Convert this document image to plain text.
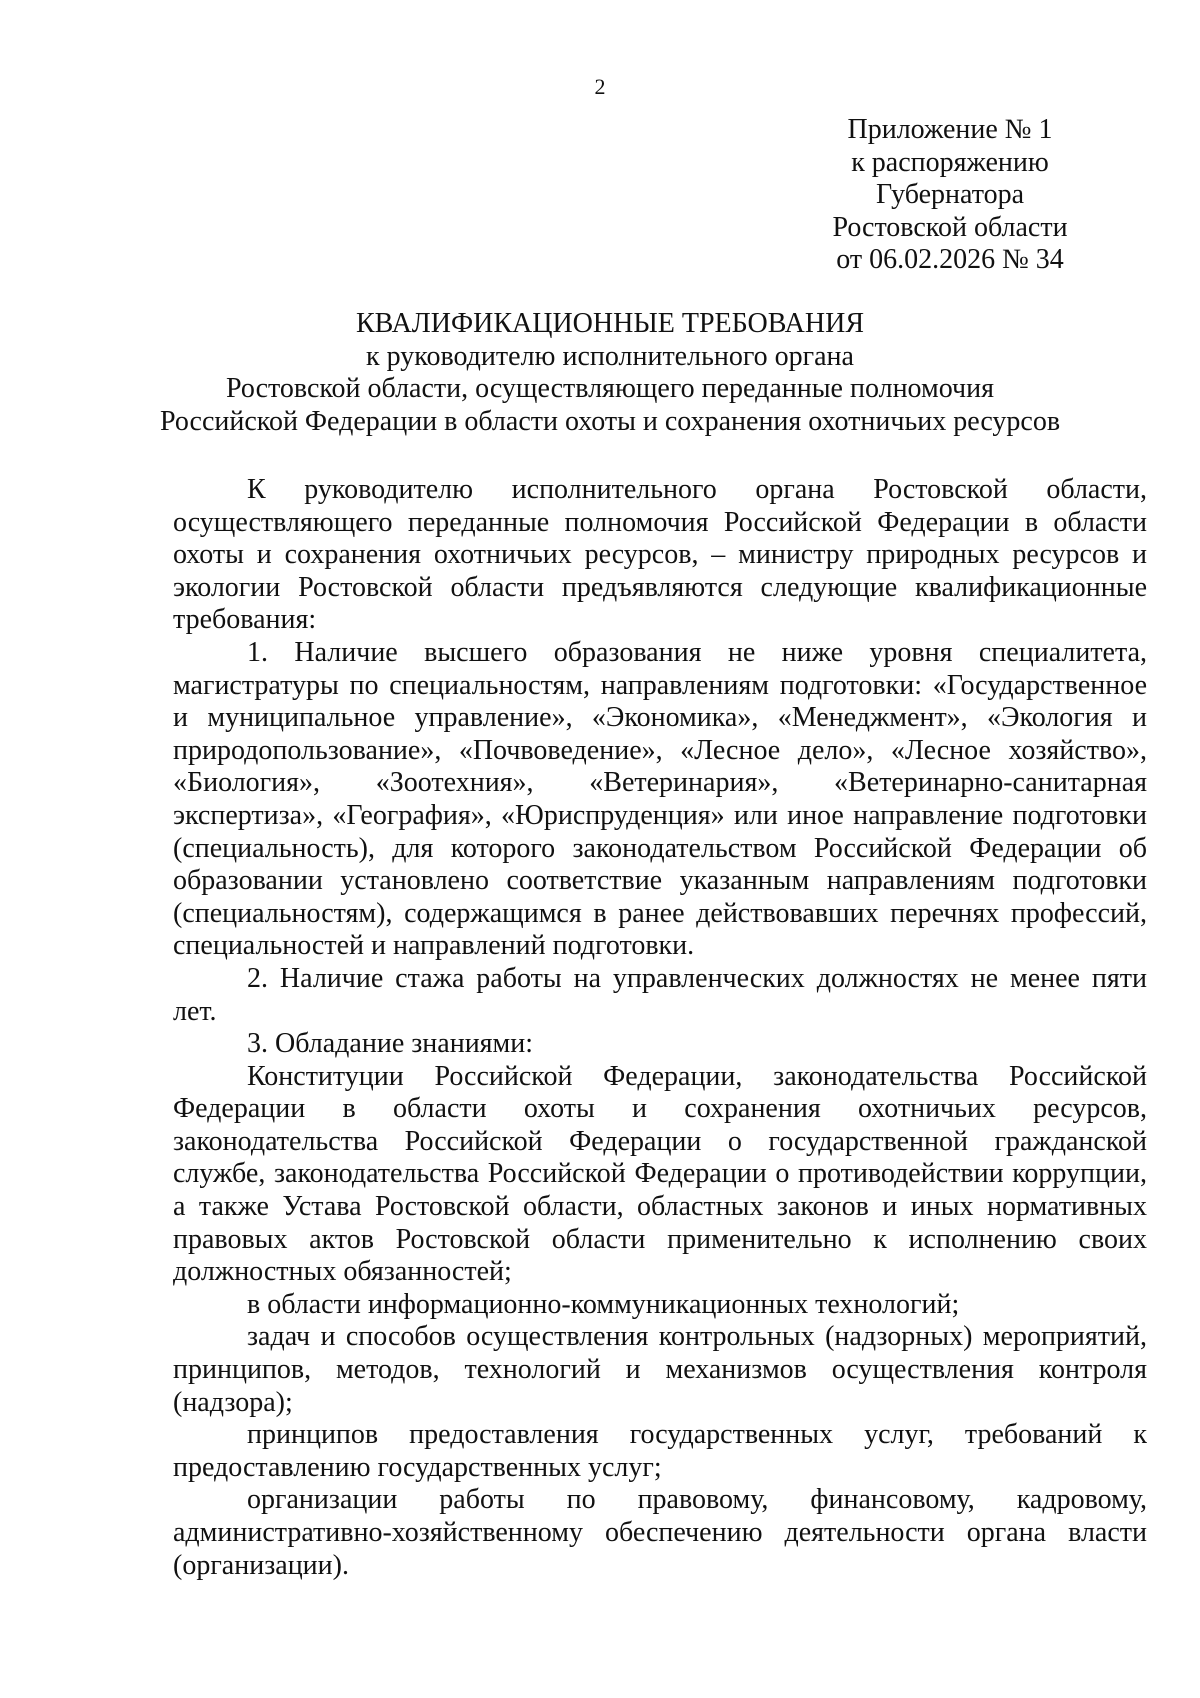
2
Приложение № 1
к распоряжению
Губернатора
Ростовской области
от 06.02.2026 № 34
КВАЛИФИКАЦИОННЫЕ ТРЕБОВАНИЯ
к руководителю исполнительного органа
Ростовской области, осуществляющего переданные полномочия
Российской Федерации в области охоты и сохранения охотничьих ресурсов

К руководителю исполнительного органа Ростовской области, осуществляющего переданные полномочия Российской Федерации в области охоты и сохранения охотничьих ресурсов, – министру природных ресурсов и экологии Ростовской области предъявляются следующие квалификационные требования:

1. Наличие высшего образования не ниже уровня специалитета, магистратуры по специальностям, направлениям подготовки: «Государственное и муниципальное управление», «Экономика», «Менеджмент», «Экология и природопользование», «Почвоведение», «Лесное дело», «Лесное хозяйство», «Биология», «Зоотехния», «Ветеринария», «Ветеринарно-санитарная экспертиза», «География», «Юриспруденция» или иное направление подготовки (специальность), для которого законодательством Российской Федерации об образовании установлено соответствие указанным направлениям подготовки (специальностям), содержащимся в ранее действовавших перечнях профессий, специальностей и направлений подготовки.

2. Наличие стажа работы на управленческих должностях не менее пяти лет.

3. Обладание знаниями:

Конституции Российской Федерации, законодательства Российской Федерации в области охоты и сохранения охотничьих ресурсов, законодательства Российской Федерации о государственной гражданской службе, законодательства Российской Федерации о противодействии коррупции, а также Устава Ростовской области, областных законов и иных нормативных правовых актов Ростовской области применительно к исполнению своих должностных обязанностей;

в области информационно-коммуникационных технологий;

задач и способов осуществления контрольных (надзорных) мероприятий, принципов, методов, технологий и механизмов осуществления контроля (надзора);

принципов предоставления государственных услуг, требований к предоставлению государственных услуг;

организации работы по правовому, финансовому, кадровому, административно-хозяйственному обеспечению деятельности органа власти (организации).
